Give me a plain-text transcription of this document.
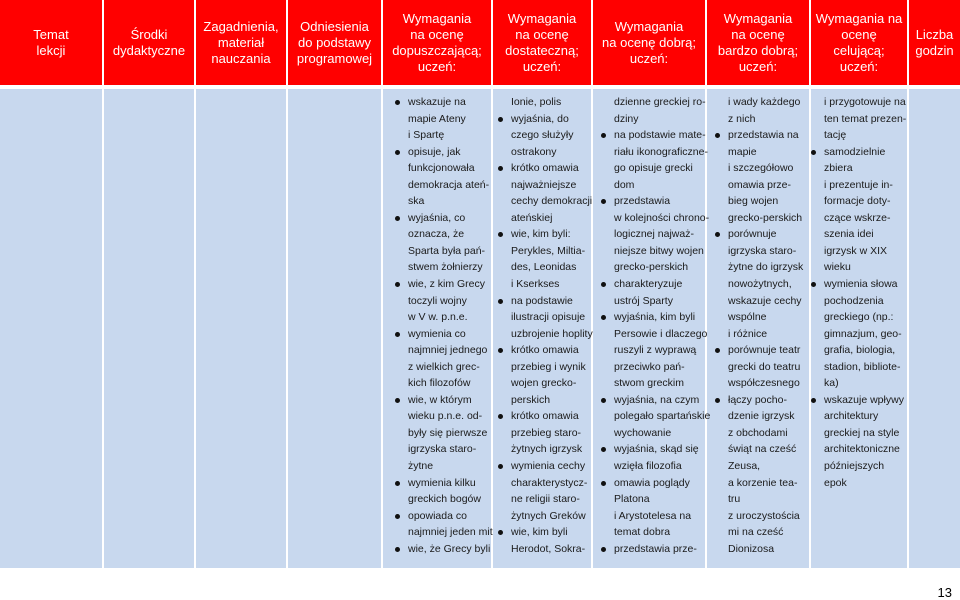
Temat
lekcji
Środki
dydaktyczne
Zagadnienia,
materiał
nauczania
Odniesienia
do podstawy
programowej
Wymagania
na ocenę
dopuszczającą;
uczeń:
Wymagania
na ocenę
dostateczną;
uczeń:
Wymagania
na ocenę dobrą;
uczeń:
Wymagania
na ocenę
bardzo dobrą;
uczeń:
Wymagania na
ocenę celującą;
uczeń:
Liczba
godzin
wskazuje na
mapie Ateny
i Spartę
opisuje, jak
funkcjonowała
demokracja ateń-
ska
wyjaśnia, co
oznacza, że
Sparta była pań-
stwem żołnierzy
wie, z kim Grecy
toczyli wojny
w V w. p.n.e.
wymienia co
najmniej jednego
z wielkich grec-
kich filozofów
wie, w którym
wieku p.n.e. od-
były się pierwsze
igrzyska staro-
żytne
wymienia kilku
greckich bogów
opowiada co
najmniej jeden mit
wie, że Grecy byli
Ionie, polis
wyjaśnia, do
czego służyły
ostrakony
krótko omawia
najważniejsze
cechy demokracji
ateńskiej
wie, kim byli:
Perykles, Miltia-
des, Leonidas
i Kserkses
na podstawie
ilustracji opisuje
uzbrojenie hoplity
krótko omawia
przebieg i wynik
wojen grecko-
perskich
krótko omawia
przebieg staro-
żytnych igrzysk
wymienia cechy
charakterystycz-
ne religii staro-
żytnych Greków
wie, kim byli
Herodot, Sokra-
dzienne greckiej ro-
dziny
na podstawie mate-
riału ikonograficzne-
go opisuje grecki
dom
przedstawia
w kolejności chrono-
logicznej najważ-
niejsze bitwy wojen
grecko-perskich
charakteryzuje
ustrój Sparty
wyjaśnia, kim byli
Persowie i dlaczego
ruszyli z wyprawą
przeciwko pań-
stwom greckim
wyjaśnia, na czym
polegało spartańskie
wychowanie
wyjaśnia, skąd się
wzięła filozofia
omawia poglądy
Platona
i Arystotelesa na
temat dobra
przedstawia prze-
i wady każdego
z nich
przedstawia na
mapie
i szczegółowo
omawia prze-
bieg wojen
grecko-perskich
porównuje
igrzyska staro-
żytne do igrzysk
nowożytnych,
wskazuje cechy
wspólne
i różnice
porównuje teatr
grecki do teatru
współczesnego
łączy pocho-
dzenie igrzysk
z obchodami
świąt na cześć
Zeusa,
a korzenie tea-
tru
z uroczystościa
mi na cześć
Dionizosa
i przygotowuje na
ten temat prezen-
tację
samodzielnie
zbiera
i prezentuje in-
formacje doty-
czące wskrze-
szenia idei
igrzysk w XIX
wieku
wymienia słowa
pochodzenia
greckiego (np.:
gimnazjum, geo-
grafia, biologia,
stadion, bibliote-
ka)
wskazuje wpływy
architektury
greckiej na style
architektoniczne
późniejszych
epok
13
